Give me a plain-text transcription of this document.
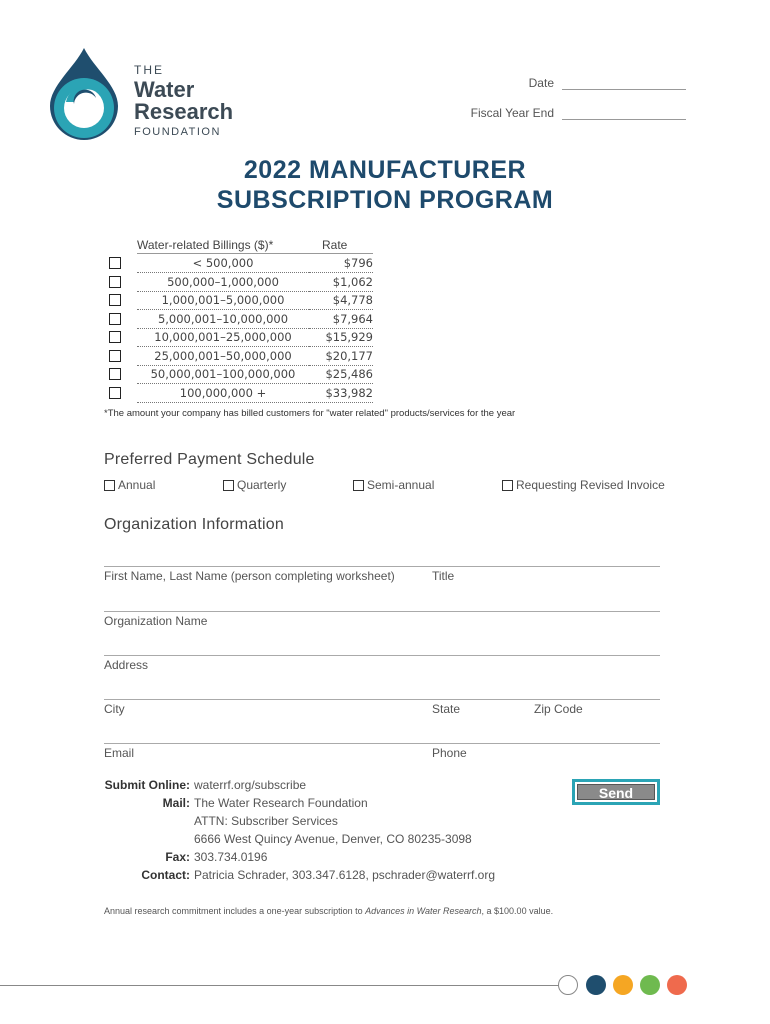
THE
Water
Research
FOUNDATION
Date
Fiscal Year End
2022 MANUFACTURER
SUBSCRIPTION PROGRAM
Water-related Billings ($)*	Rate
< 500,000	$796
500,000–1,000,000	$1,062
1,000,001–5,000,000	$4,778
5,000,001–10,000,000	$7,964
10,000,001–25,000,000	$15,929
25,000,001–50,000,000	$20,177
50,000,001–100,000,000	$25,486
100,000,000 +	$33,982
*The amount your company has billed customers for "water related" products/services for the year
Preferred Payment Schedule
Annual	Quarterly	Semi-annual	Requesting Revised Invoice
Organization Information
First Name, Last Name (person completing worksheet)	Title
Organization Name
Address
City	State	Zip Code
Email	Phone
Submit Online: waterrf.org/subscribe
Mail: The Water Research Foundation
ATTN: Subscriber Services
6666 West Quincy Avenue, Denver, CO 80235-3098
Fax: 303.734.0196
Contact: Patricia Schrader, 303.347.6128, pschrader@waterrf.org
Send
Annual research commitment includes a one-year subscription to Advances in Water Research, a $100.00 value.
